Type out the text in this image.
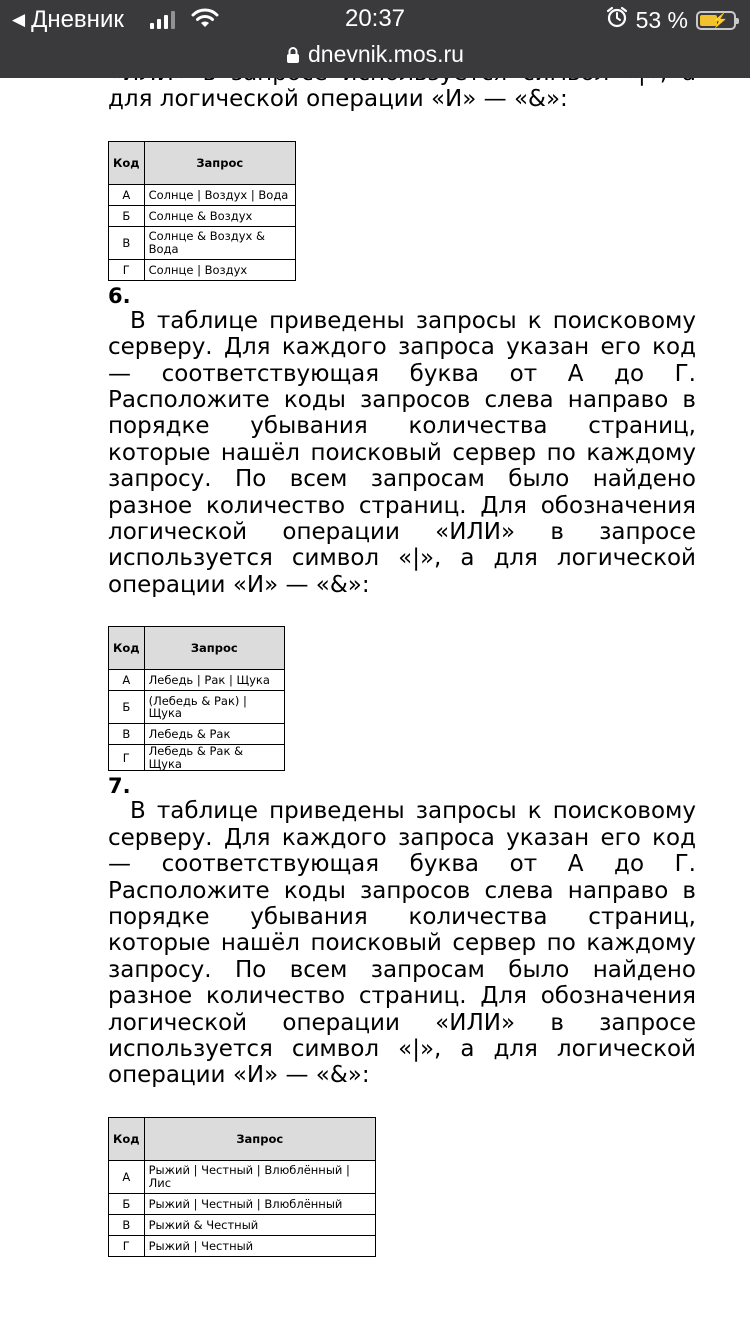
◀ Дневник	20:37	53 % ⚡
dnevnik.mos.ru

для логической операции «И» — «&»:

Код	Запрос
А	Солнце | Воздух | Вода
Б	Солнце & Воздух
В	Солнце & Воздух & Вода
Г	Солнце | Воздух

6.

В таблице приведены запросы к поисковому серверу. Для каждого запроса указан его код — соответствующая буква от А до Г. Расположите коды запросов слева направо в порядке убывания количества страниц, которые нашёл поисковый сервер по каждому запросу. По всем запросам было найдено разное количество страниц. Для обозначения логической операции «ИЛИ» в запросе используется символ «|», а для логической операции «И» — «&»:

Код	Запрос
А	Лебедь | Рак | Щука
Б	(Лебедь & Рак) | Щука
В	Лебедь & Рак
Г	Лебедь & Рак & Щука

7.

В таблице приведены запросы к поисковому серверу. Для каждого запроса указан его код — соответствующая буква от А до Г. Расположите коды запросов слева направо в порядке убывания количества страниц, которые нашёл поисковый сервер по каждому запросу. По всем запросам было найдено разное количество страниц. Для обозначения логической операции «ИЛИ» в запросе используется символ «|», а для логической операции «И» — «&»:

Код	Запрос
А	Рыжий | Честный | Влюблённый | Лис
Б	Рыжий | Честный | Влюблённый
В	Рыжий & Честный
Г	Рыжий | Честный
